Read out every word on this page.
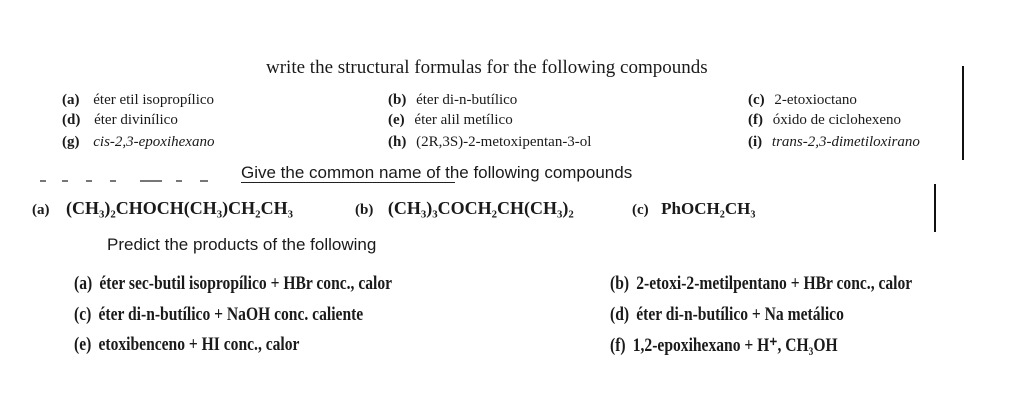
write the structural formulas for the following compounds
(a) éter etil isopropílico	(b) éter di-n-butílico	(c) 2-etoxioctano
(d) éter divinílico	(e) éter alil metílico	(f) óxido de ciclohexeno
(g) cis-2,3-epoxihexano	(h) (2R,3S)-2-metoxipentan-3-ol	(i) trans-2,3-dimetiloxirano
Give the common name of the following compounds
(a) (CH₃)₂CHOCH(CH₃)CH₂CH₃	(b) (CH₃)₃COCH₂CH(CH₃)₂	(c) PhOCH₂CH₃
Predict the products of the following
(a) éter sec-butil isopropílico + HBr conc., calor	(b) 2-etoxi-2-metilpentano + HBr conc., calor
(c) éter di-n-butílico + NaOH conc. caliente	(d) éter di-n-butílico + Na metálico
(e) etoxibenceno + HI conc., calor	(f) 1,2-epoxihexano + H⁺, CH₃OH
